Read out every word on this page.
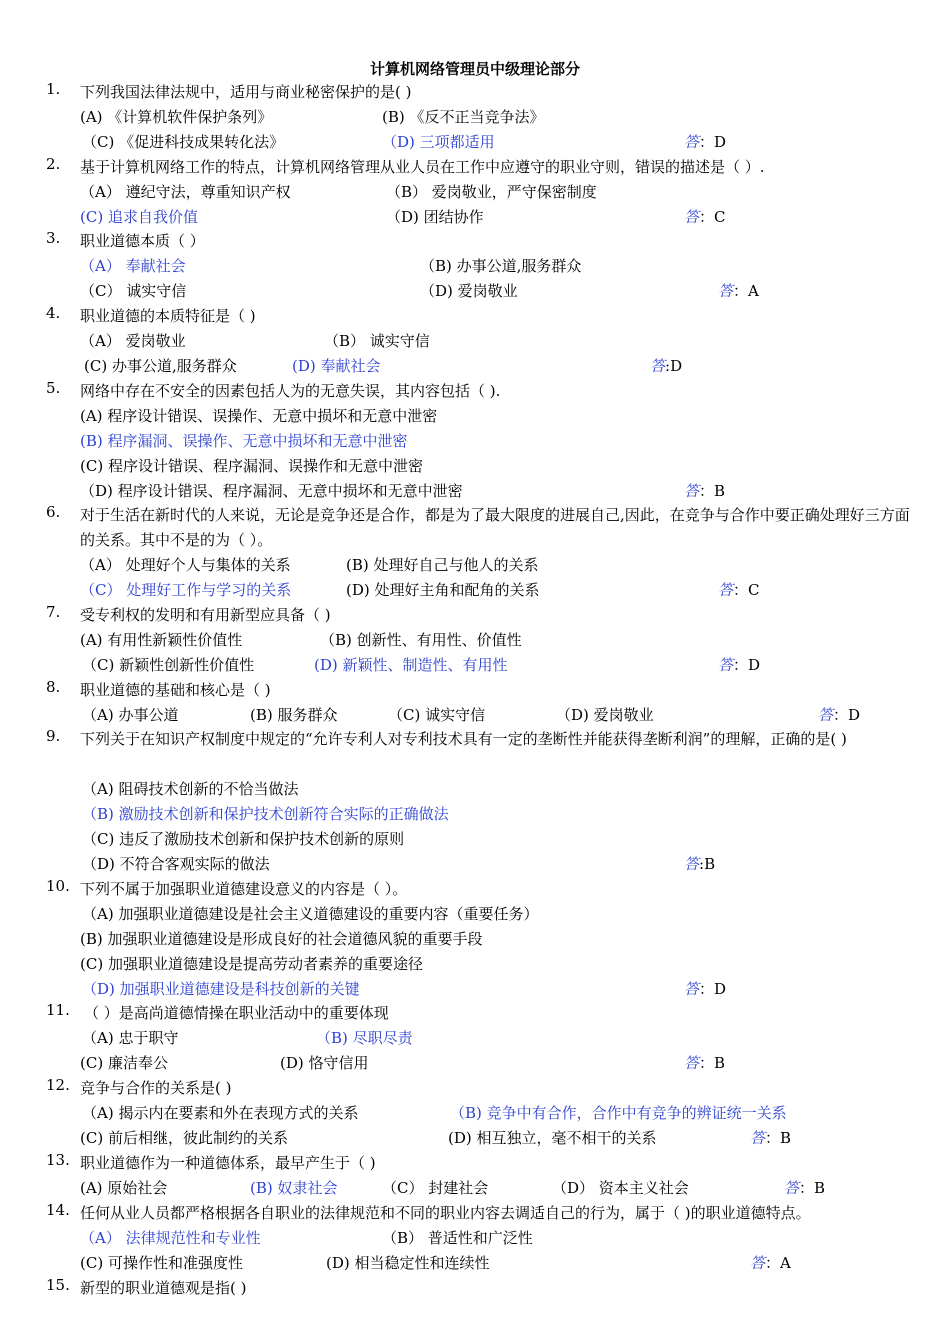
计算机网络管理员中级理论部分
1.	下列我国法律法规中，适用与商业秘密保护的是( )
(A) 《计算机软件保护条列》	(B) 《反不正当竞争法》
（C) 《促进科技成果转化法》	（D) 三项都适用	答：D
2.	基于计算机网络工作的特点，计算机网络管理从业人员在工作中应遵守的职业守则，错误的描述是（ ）.
（A） 遵纪守法，尊重知识产权	（B） 爱岗敬业，严守保密制度
(C) 追求自我价值	（D) 团结协作	答：C
3.	职业道德本质（ ）
（A） 奉献社会	（B) 办事公道,服务群众
（C） 诚实守信	（D) 爱岗敬业	答：A
4.	职业道德的本质特征是（ )
（A） 爱岗敬业	（B） 诚实守信
(C) 办事公道,服务群众	(D) 奉献社会	答:D
5.	网络中存在不安全的因素包括人为的无意失误，其内容包括（ ).
(A) 程序设计错误、误操作、无意中损坏和无意中泄密
(B) 程序漏洞、误操作、无意中损坏和无意中泄密
(C) 程序设计错误、程序漏洞、误操作和无意中泄密
（D) 程序设计错误、程序漏洞、无意中损坏和无意中泄密	答：B
6.	对于生活在新时代的人来说，无论是竞争还是合作，都是为了最大限度的进展自己,因此，在竞争与合作中要正确处理好三方面的关系。其中不是的为（ ）。
（A） 处理好个人与集体的关系	(B) 处理好自己与他人的关系
（C） 处理好工作与学习的关系	(D) 处理好主角和配角的关系	答：C
7.	受专利权的发明和有用新型应具备（ )
(A) 有用性新颖性价值性	（B) 创新性、有用性、价值性
（C) 新颖性创新性价值性	(D) 新颖性、制造性、有用性	答：D
8.	职业道德的基础和核心是（ )
（A) 办事公道	(B) 服务群众	（C) 诚实守信	（D) 爱岗敬业	答：D
9.	下列关于在知识产权制度中规定的“允许专利人对专利技术具有一定的垄断性并能获得垄断利润”的理解，正确的是( )
（A) 阻碍技术创新的不恰当做法
（B) 激励技术创新和保护技术创新符合实际的正确做法
（C) 违反了激励技术创新和保护技术创新的原则
（D) 不符合客观实际的做法	答:B
10. 下列不属于加强职业道德建设意义的内容是（ ）。
（A) 加强职业道德建设是社会主义道德建设的重要内容（重要任务）
(B) 加强职业道德建设是形成良好的社会道德风貌的重要手段
(C) 加强职业道德建设是提高劳动者素养的重要途径
（D) 加强职业道德建设是科技创新的关键	答：D
11. （ ）是高尚道德情操在职业活动中的重要体现
（A) 忠于职守	（B) 尽职尽责
(C) 廉洁奉公	(D) 恪守信用	答：B
12. 竞争与合作的关系是( )
（A) 揭示内在要素和外在表现方式的关系	（B) 竞争中有合作，合作中有竞争的辨证统一关系
(C) 前后相继，彼此制约的关系	(D) 相互独立，毫不相干的关系	答：B
13. 职业道德作为一种道德体系，最早产生于（ )
(A) 原始社会	(B) 奴隶社会	（C） 封建社会	（D） 资本主义社会	答：B
14. 任何从业人员都严格根据各自职业的法律规范和不同的职业内容去调适自己的行为，属于（ )的职业道德特点。
（A） 法律规范性和专业性	（B） 普适性和广泛性
(C) 可操作性和准强度性	(D) 相当稳定性和连续性	答：A
15. 新型的职业道德观是指( )
